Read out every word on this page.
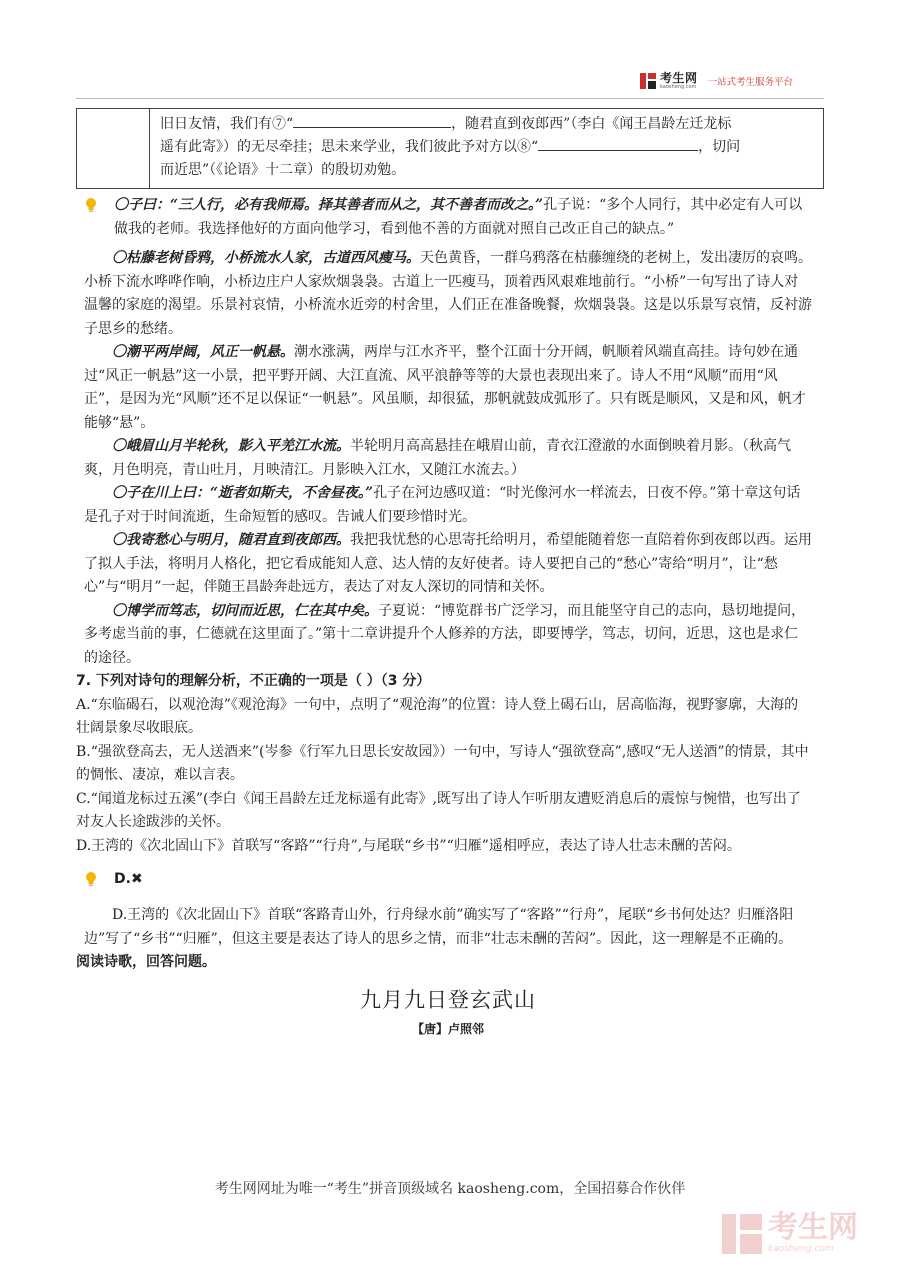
考生网
kaosheng.com 一站式考生服务平台
	旧日友情，我们有⑦“	，随君直到夜郎西”（李白《闻王昌龄左迁龙标
遥有此寄》）的无尽牵挂；思未来学业，我们彼此予对方以⑧“	，切问
而近思”（《论语》十二章）的殷切劝勉。

〇子曰：“三人行，必有我师焉。择其善者而从之，其不善者而改之。”孔子说：“多个人同行，其中必定有人可以做我的老师。我选择他好的方面向他学习，看到他不善的方面就对照自己改正自己的缺点。”

〇枯藤老树昏鸦，小桥流水人家，古道西风瘦马。天色黄昏，一群乌鸦落在枯藤缠绕的老树上，发出凄厉的哀鸣。小桥下流水哗哗作响，小桥边庄户人家炊烟袅袅。古道上一匹瘦马，顶着西风艰难地前行。“小桥”一句写出了诗人对温馨的家庭的渴望。乐景衬哀情，小桥流水近旁的村舍里，人们正在准备晚餐，炊烟袅袅。这是以乐景写哀情，反衬游子思乡的愁绪。

〇潮平两岸阔，风正一帆悬。潮水涨满，两岸与江水齐平，整个江面十分开阔，帆顺着风端直高挂。诗句妙在通过“风正一帆悬”这一小景，把平野开阔、大江直流、风平浪静等等的大景也表现出来了。诗人不用“风顺”而用“风正”，是因为光“风顺”还不足以保证“一帆悬”。风虽顺，却很猛，那帆就鼓成弧形了。只有既是顺风，又是和风，帆才能够“悬”。

〇峨眉山月半轮秋，影入平羌江水流。半轮明月高高悬挂在峨眉山前，青衣江澄澈的水面倒映着月影。（秋高气爽，月色明亮，青山吐月，月映清江。月影映入江水，又随江水流去。）

〇子在川上曰：“逝者如斯夫，不舍昼夜。”孔子在河边感叹道：“时光像河水一样流去，日夜不停。”第十章这句话是孔子对于时间流逝，生命短暂的感叹。告诫人们要珍惜时光。

〇我寄愁心与明月，随君直到夜郎西。我把我忧愁的心思寄托给明月，希望能随着您一直陪着你到夜郎以西。运用了拟人手法，将明月人格化，把它看成能知人意、达人情的友好使者。诗人要把自己的“愁心”寄给“明月”，让“愁心”与“明月”一起，伴随王昌龄奔赴远方，表达了对友人深切的同情和关怀。

〇博学而笃志，切问而近思，仁在其中矣。子夏说：“博览群书广泛学习，而且能坚守自己的志向，恳切地提问，多考虑当前的事，仁德就在这里面了。”第十二章讲提升个人修养的方法，即要博学，笃志，切问，近思，这也是求仁的途径。

7. 下列对诗句的理解分析，不正确的一项是（ ）（3 分）

A.“东临碣石，以观沧海”《观沧海》一句中，点明了“观沧海”的位置：诗人登上碣石山，居高临海，视野寥廓，大海的壮阔景象尽收眼底。

B.“强欲登高去，无人送酒来”(岑参《行军九日思长安故园》）一句中，写诗人“强欲登高”,感叹“无人送酒”的情景，其中的惆怅、凄凉，难以言表。

C.“闻道龙标过五溪”(李白《闻王昌龄左迁龙标遥有此寄》,既写出了诗人乍听朋友遭贬消息后的震惊与惋惜，也写出了对友人长途跋涉的关怀。

D.王湾的《次北固山下》首联写“客路”“行舟”,与尾联“乡书”“归雁”遥相呼应，表达了诗人壮志未酬的苦闷。

D.✖

D.王湾的《次北固山下》首联“客路青山外，行舟绿水前”确实写了“客路”“行舟”，尾联“乡书何处达？归雁洛阳边”写了“乡书”“归雁”，但这主要是表达了诗人的思乡之情，而非“壮志未酬的苦闷”。因此，这一理解是不正确的。

阅读诗歌，回答问题。

九月九日登玄武山

【唐】卢照邻

考生网网址为唯一“考生”拼音顶级域名 kaosheng.com，全国招募合作伙伴
考生网
kaosheng.com
